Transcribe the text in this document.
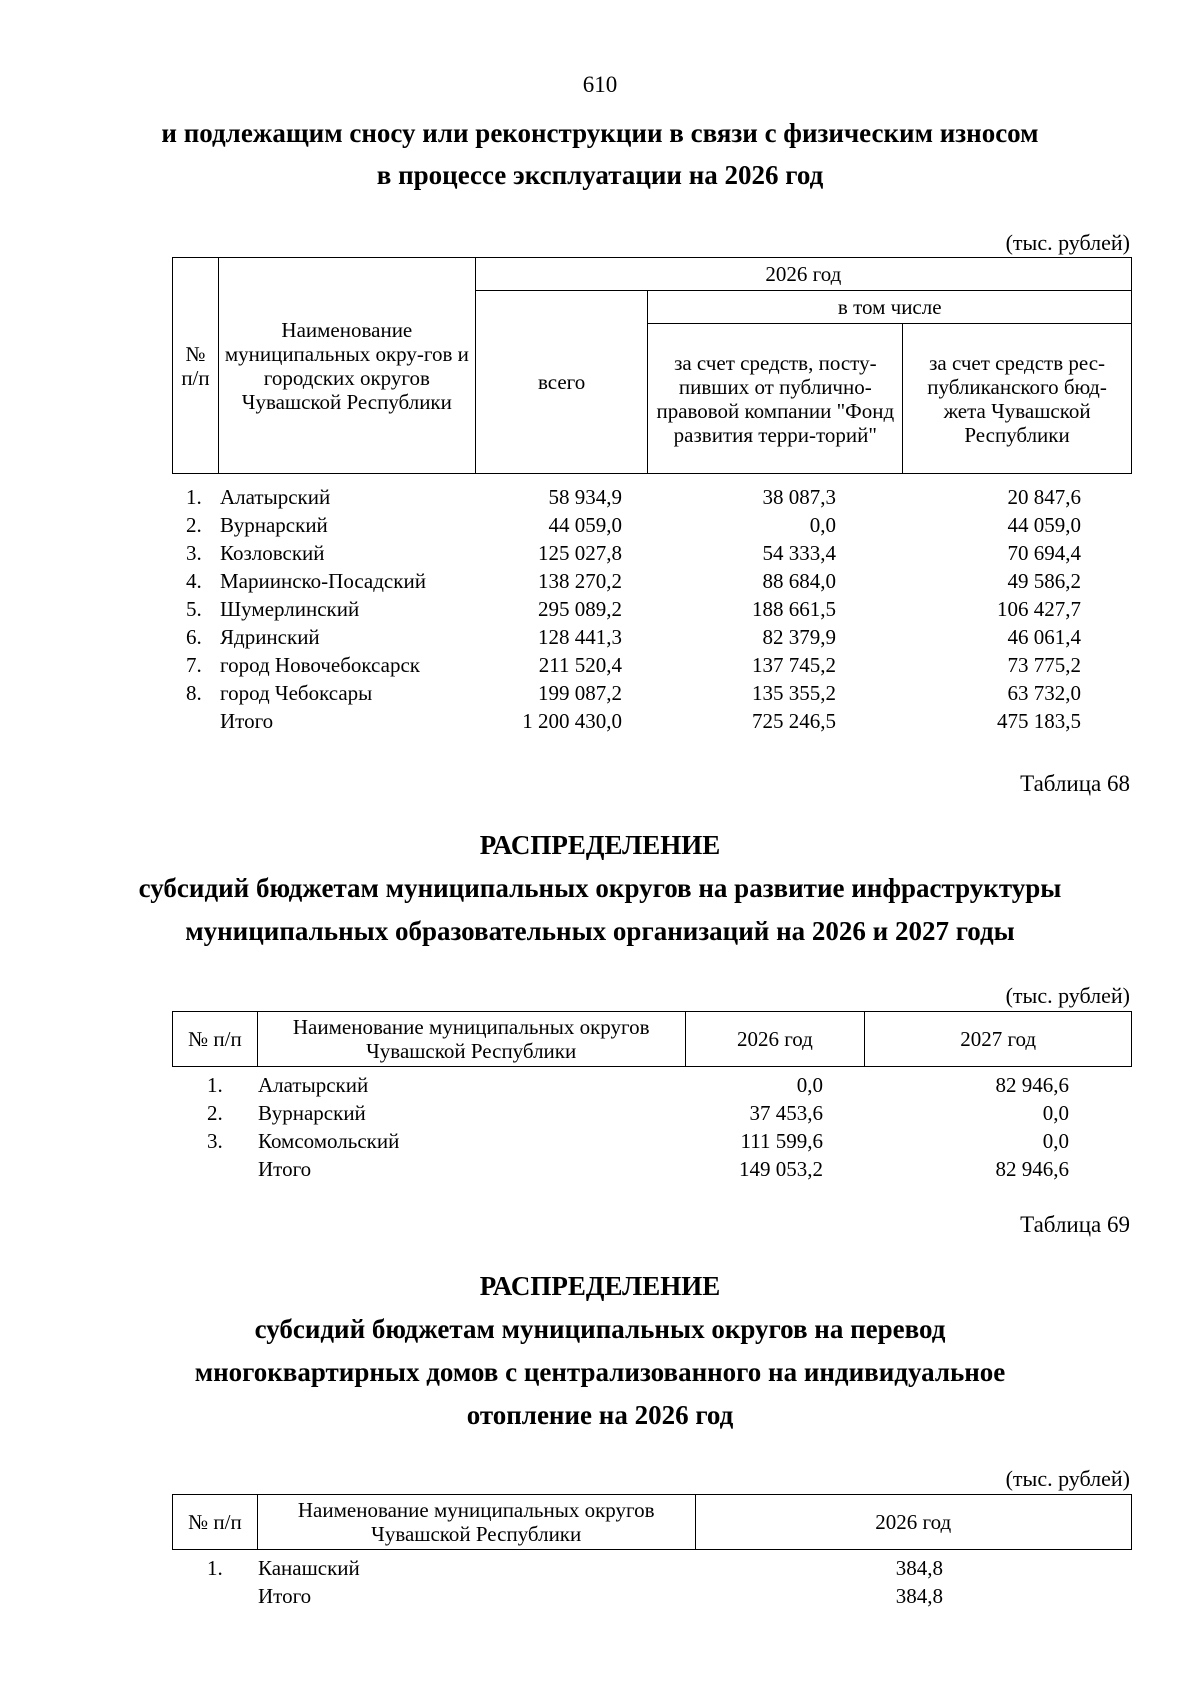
610
и подлежащим сносу или реконструкции в связи с физическим износом
в процессе эксплуатации на 2026 год
(тыс. рублей)
№ п/п	Наименование муниципальных окру-гов и городских округов Чувашской Республики	2026 год		
		всего	в том числе	
			за счет средств, посту-пивших от публично-правовой компании "Фонд развития терри-торий"	за счет средств рес-публиканского бюд-жета Чувашской Республики
1. Алатырский	58 934,9	38 087,3	20 847,6
2. Вурнарский	44 059,0	0,0	44 059,0
3. Козловский	125 027,8	54 333,4	70 694,4
4. Мариинско-Посадский	138 270,2	88 684,0	49 586,2
5. Шумерлинский	295 089,2	188 661,5	106 427,7
6. Ядринский	128 441,3	82 379,9	46 061,4
7. город Новочебоксарск	211 520,4	137 745,2	73 775,2
8. город Чебоксары	199 087,2	135 355,2	63 732,0
Итого	1 200 430,0	725 246,5	475 183,5
Таблица 68
РАСПРЕДЕЛЕНИЕ
субсидий бюджетам муниципальных округов на развитие инфраструктуры
муниципальных образовательных организаций на 2026 и 2027 годы
(тыс. рублей)
№ п/п	Наименование муниципальных округов Чувашской Республики	2026 год	2027 год
1. Алатырский	0,0	82 946,6
2. Вурнарский	37 453,6	0,0
3. Комсомольский	111 599,6	0,0
Итого	149 053,2	82 946,6
Таблица 69
РАСПРЕДЕЛЕНИЕ
субсидий бюджетам муниципальных округов на перевод
многоквартирных домов с централизованного на индивидуальное
отопление на 2026 год
(тыс. рублей)
№ п/п	Наименование муниципальных округов Чувашской Республики	2026 год
1. Канашский	384,8
Итого	384,8
